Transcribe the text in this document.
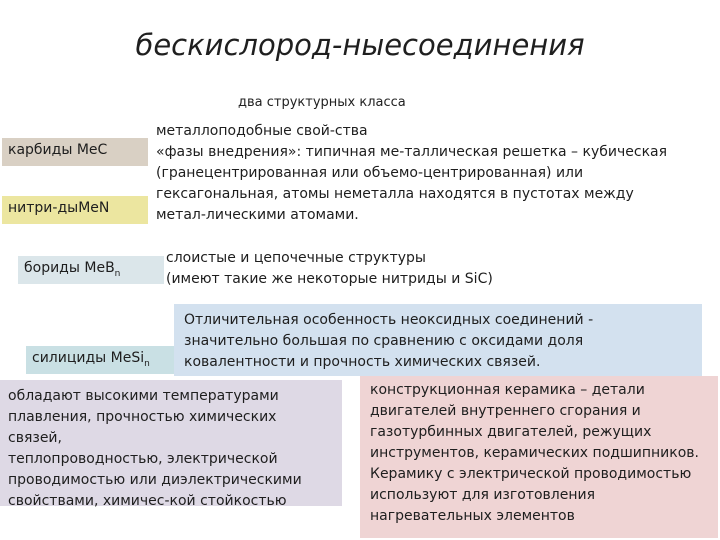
бескислород-ныесоединения
два структурных класса
карбиды MeC
нитри-дыMeN
бориды MeB$_n$
силициды MeSi$_n$
металлоподобные свой-ства
«фазы внедрения»: типичная ме-таллическая решетка – кубическая
(гранецентрированная или объемо-центрированная) или
гексагональная, атомы неметалла находятся в пустотах между
метал-лическими атомами.
слоистые и цепочечные структуры
(имеют такие же некоторые нитриды и SiC)
Отличительная особенность неоксидных соединений -
значительно большая по сравнению с оксидами доля
ковалентности и прочность химических связей.
обладают высокими температурами
плавления, прочностью химических связей,
теплопроводностью, электрической
проводимостью или диэлектрическими
свойствами, химичес-кой стойкостью
конструкционная керамика – детали
двигателей внутреннего сгорания и
газотурбинных двигателей, режущих
инструментов, керамических подшипников.
Керамику с электрической проводимостью
используют для изготовления
нагревательных элементов
